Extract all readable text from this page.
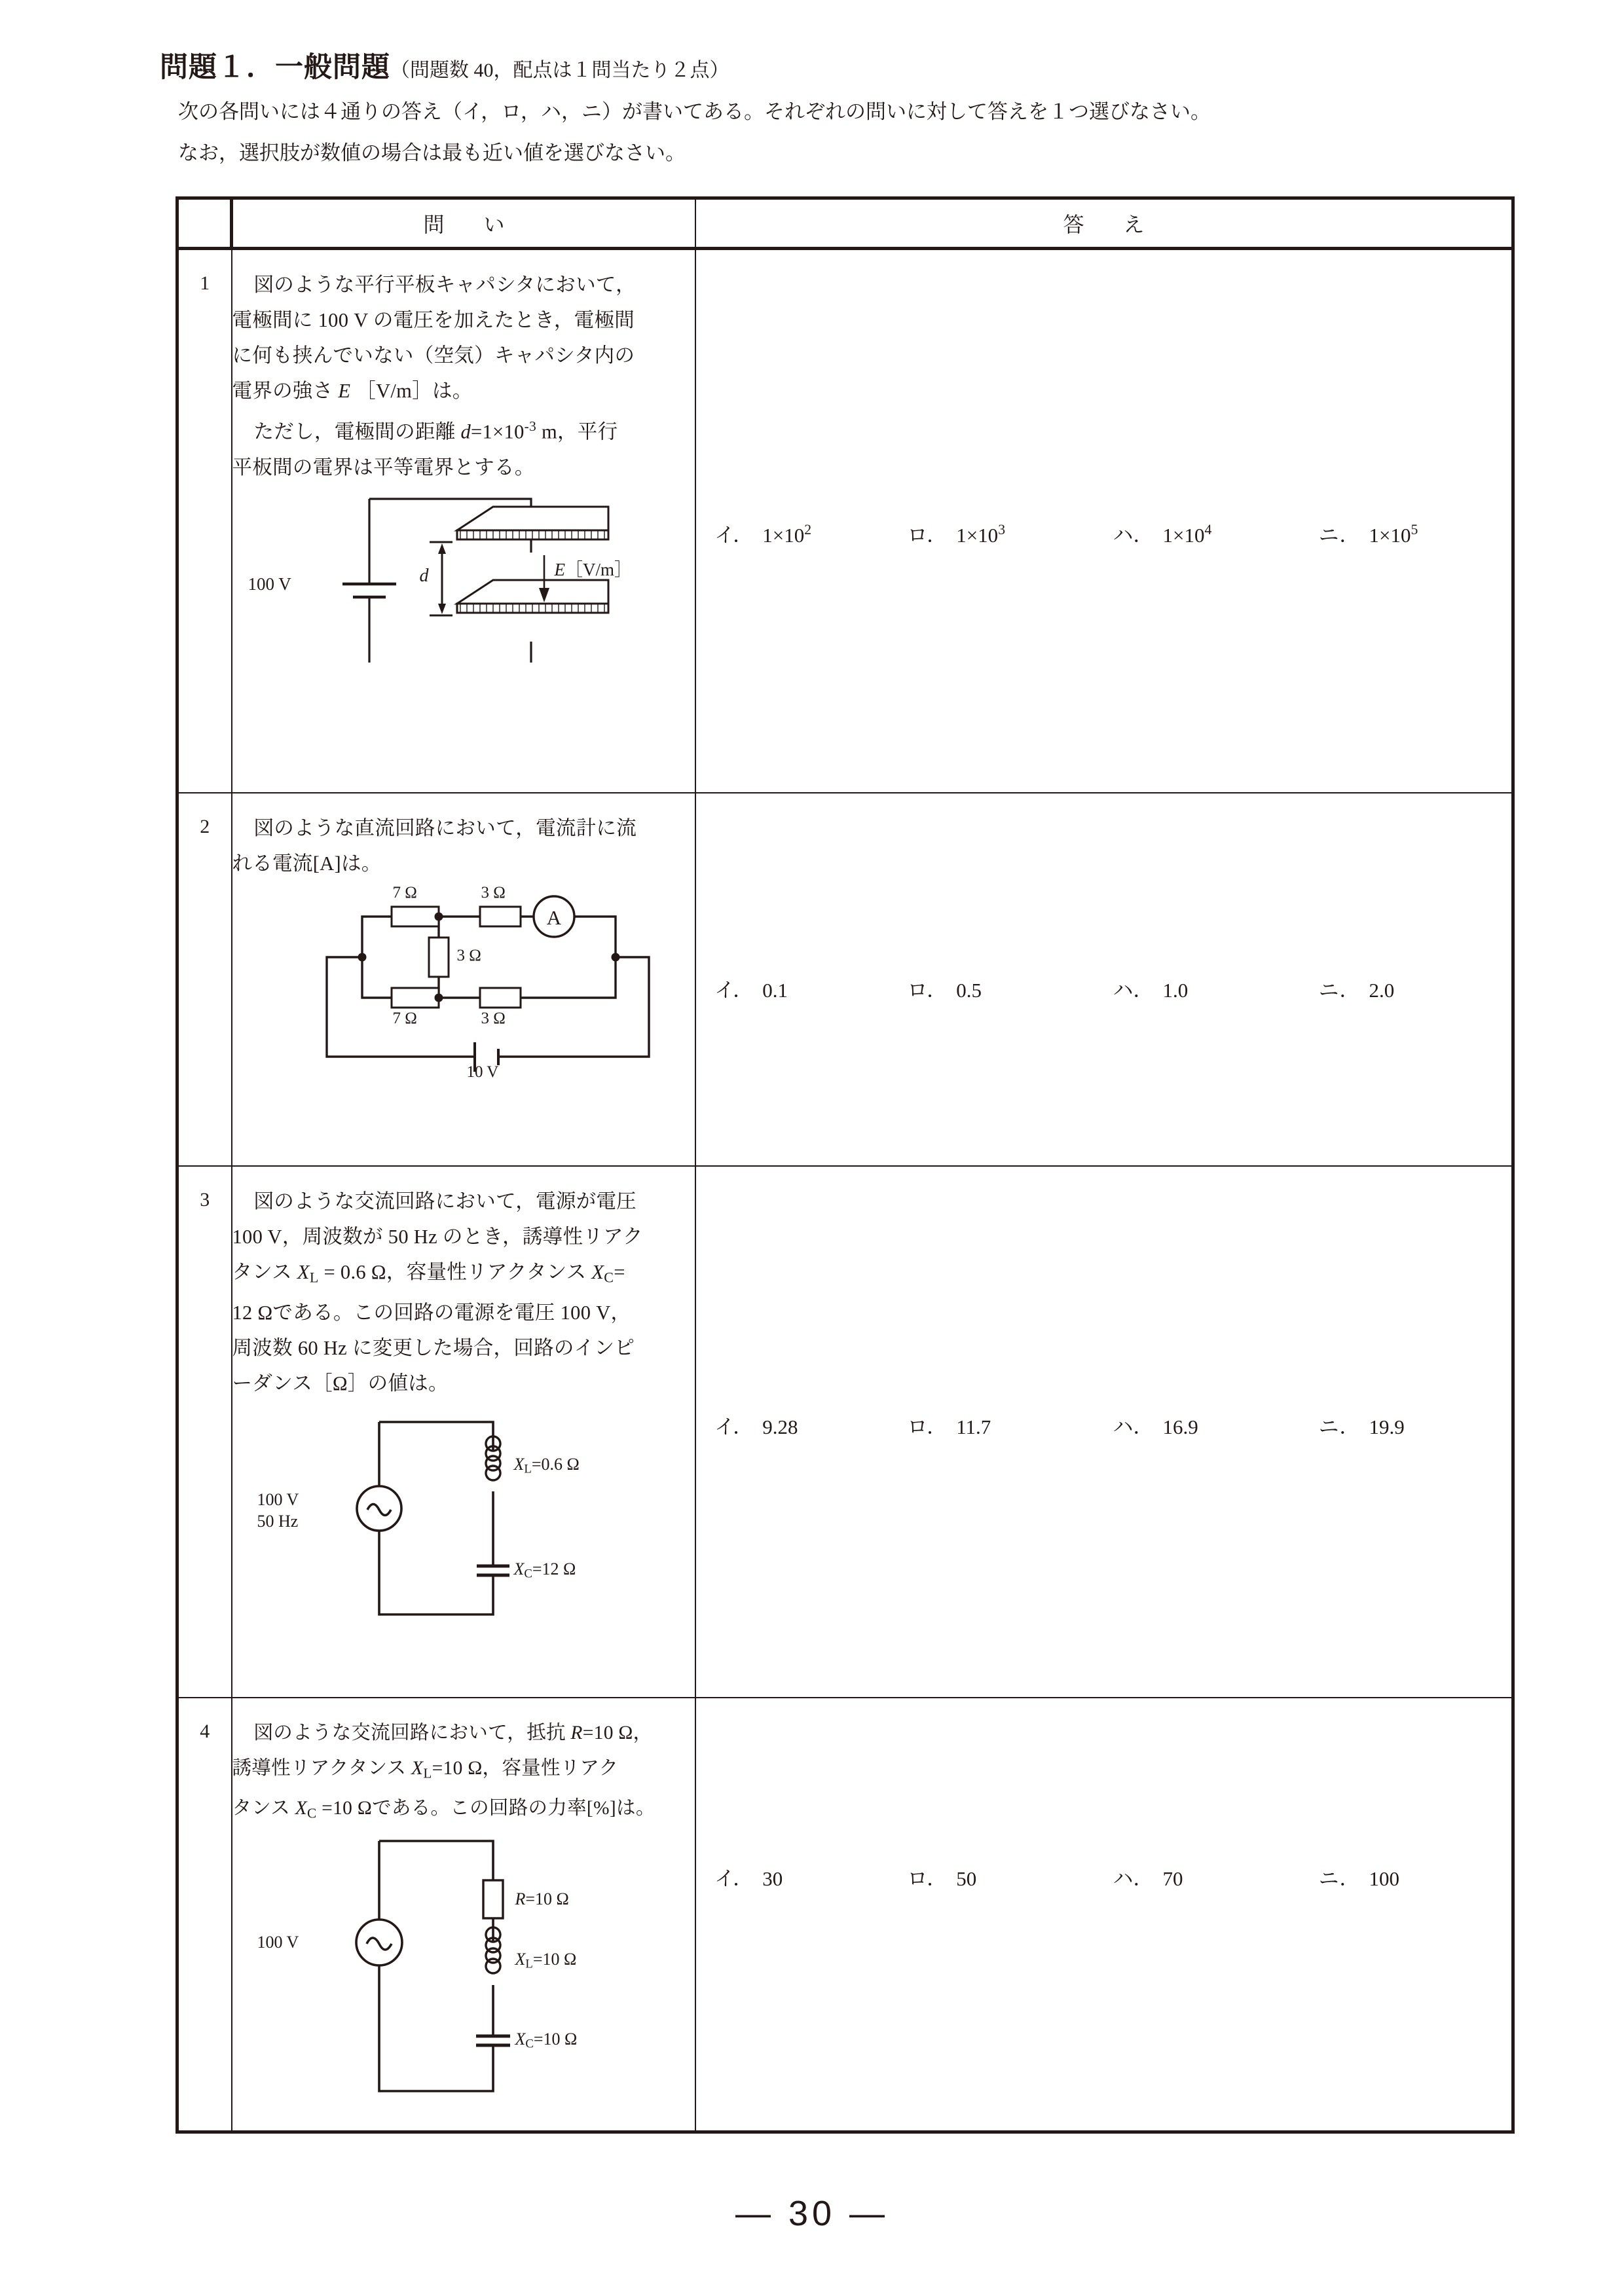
問題１．一般問題（問題数 40，配点は１問当たり２点）
次の各問いには４通りの答え（イ，ロ，ハ，ニ）が書いてある。それぞれの問いに対して答えを１つ選びなさい。
なお，選択肢が数値の場合は最も近い値を選びなさい。
	問　い	答　え

1	図のような平行平板キャパシタにおいて，
電極間に 100 V の電圧を加えたとき，電極間
に何も挟んでいない（空気）キャパシタ内の
電界の強さ E ［V/m］は。
ただし，電極間の距離 $d=1\times 10^{-3}$ m，平行
平板間の電界は平等電界とする。
100 V	d	E［V/m］

イ． $1\times 10^2$	ロ． $1\times 10^3$	ハ． $1\times 10^4$	ニ． $1\times 10^5$

2	図のような直流回路において，電流計に流
れる電流[A]は。
A
7 Ω	3 Ω
3 Ω
7 Ω	3 Ω
10 V

イ． 0.1	ロ． 0.5	ハ． 1.0	ニ． 2.0

3	図のような交流回路において，電源が電圧
100 V，周波数が 50 Hz のとき，誘導性リアク
タンス $X_L = 0.6$ Ω，容量性リアクタンス $X_C=$
12 Ωである。この回路の電源を電圧 100 V，
周波数 60 Hz に変更した場合，回路のインピ
ーダンス［Ω］の値は。
100 V
50 Hz
$X_L=0.6$ Ω
$X_C=12$ Ω

イ． 9.28	ロ． 11.7	ハ． 16.9	ニ． 19.9

4	図のような交流回路において，抵抗 R=10 Ω，
誘導性リアクタンス $X_L=10$ Ω，容量性リアク
タンス $X_C =10$ Ωである。この回路の力率[%]は。
100 V
R=10 Ω
$X_L=10$ Ω
$X_C=10$ Ω

イ． 30	ロ． 50	ハ． 70	ニ． 100
— 30 —
